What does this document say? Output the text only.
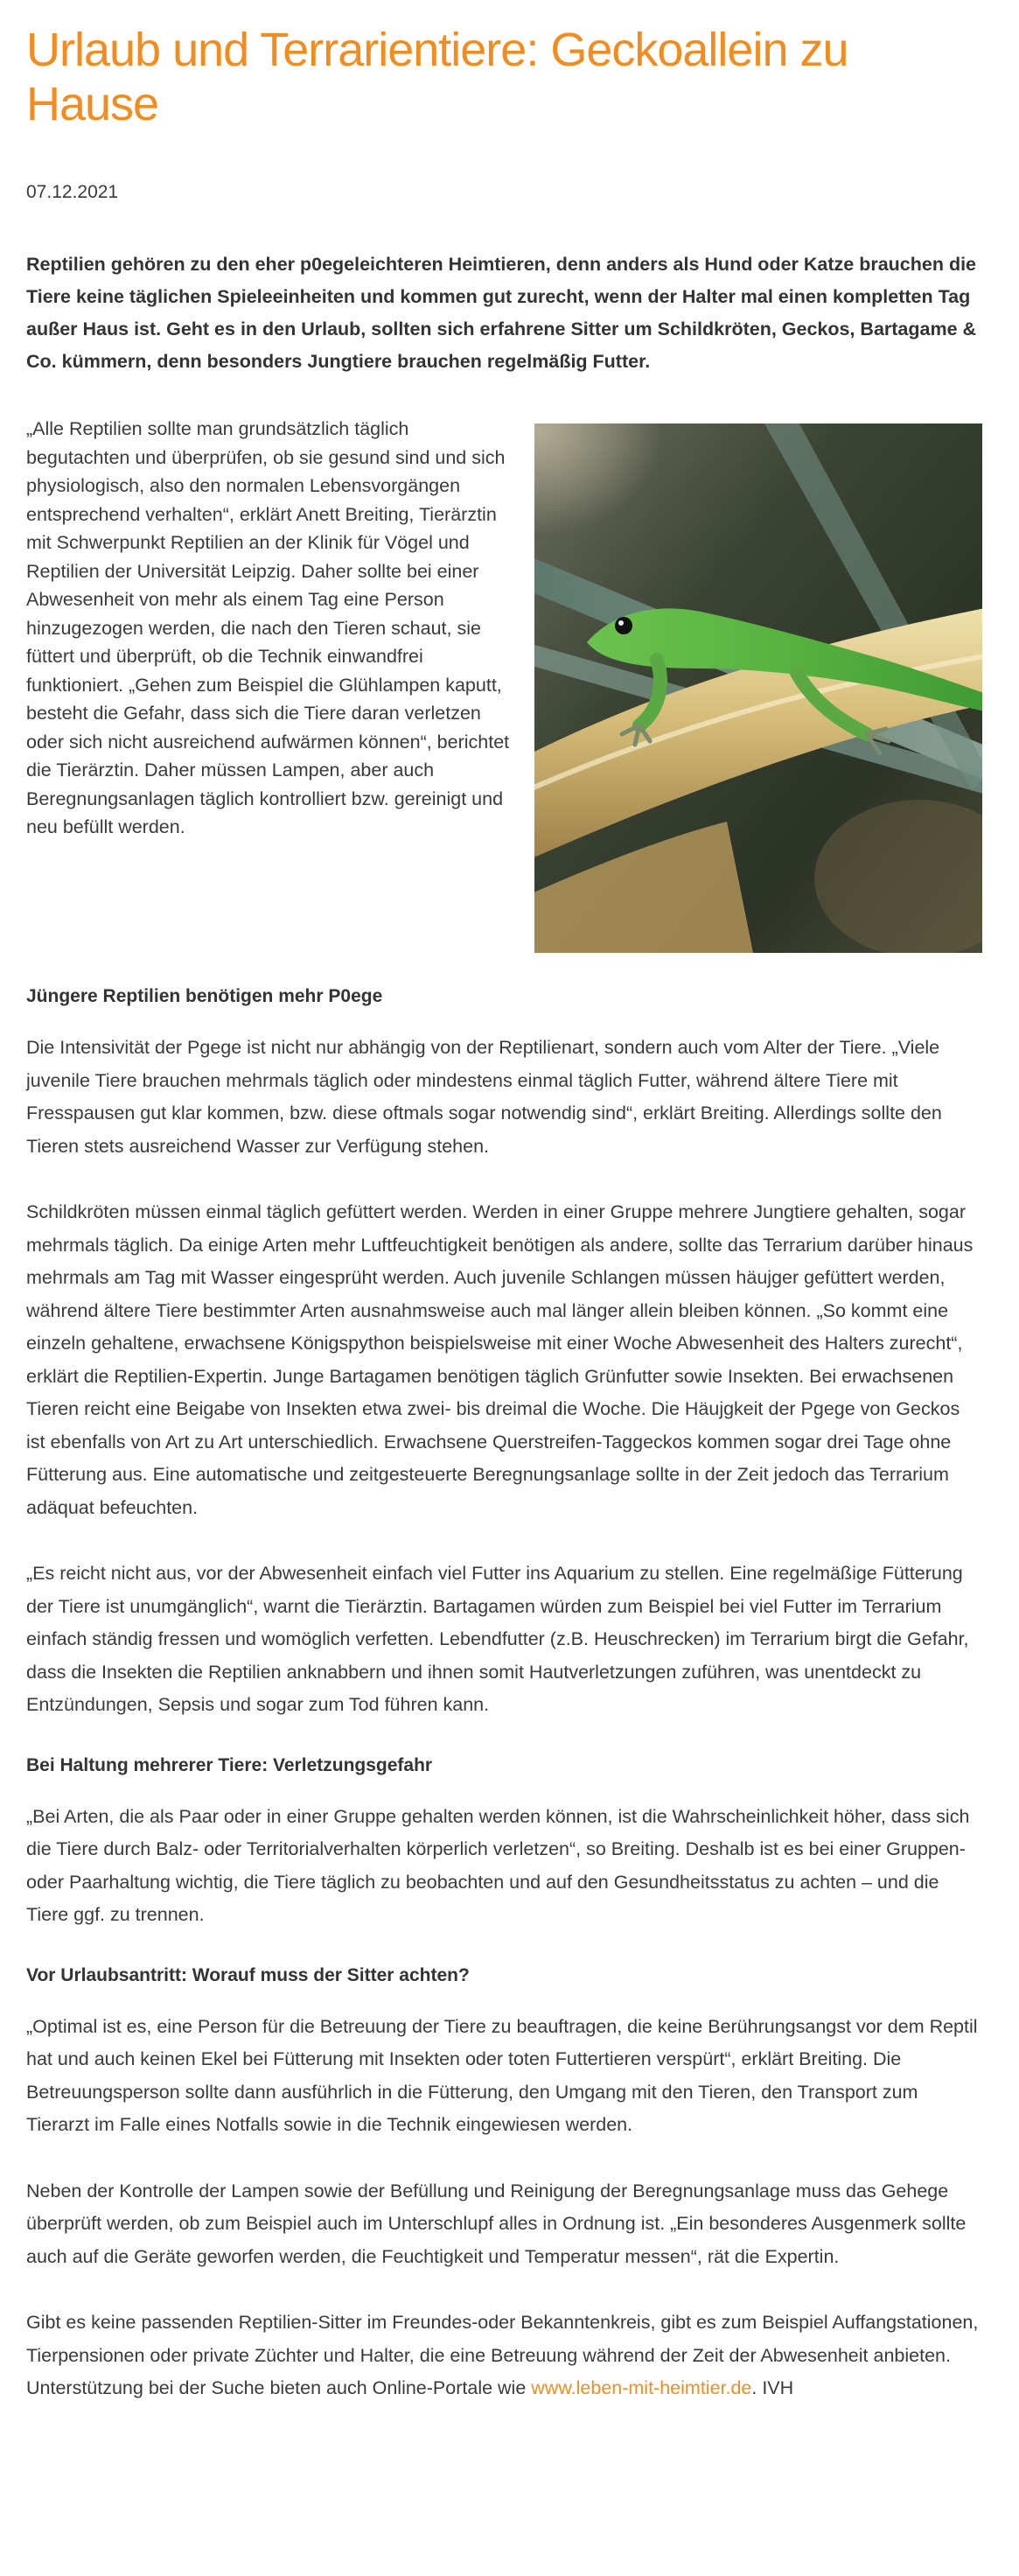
Urlaub und Terrarientiere: Geckoallein zu Hause
07.12.2021

Reptilien gehören zu den eher p0egeleichteren Heimtieren, denn anders als Hund oder Katze brauchen die Tiere keine täglichen Spieleeinheiten und kommen gut zurecht, wenn der Halter mal einen kompletten Tag außer Haus ist. Geht es in den Urlaub, sollten sich erfahrene Sitter um Schildkröten, Geckos, Bartagame & Co. kümmern, denn besonders Jungtiere brauchen regelmäßig Futter.

„Alle Reptilien sollte man grundsätzlich täglich begutachten und überprüfen, ob sie gesund sind und sich physiologisch, also den normalen Lebensvorgängen entsprechend verhalten“, erklärt Anett Breiting, Tierärztin mit Schwerpunkt Reptilien an der Klinik für Vögel und Reptilien der Universität Leipzig. Daher sollte bei einer Abwesenheit von mehr als einem Tag eine Person hinzugezogen werden, die nach den Tieren schaut, sie füttert und überprüft, ob die Technik einwandfrei funktioniert. „Gehen zum Beispiel die Glühlampen kaputt, besteht die Gefahr, dass sich die Tiere daran verletzen oder sich nicht ausreichend aufwärmen können“, berichtet die Tierärztin. Daher müssen Lampen, aber auch Beregnungsanlagen täglich kontrolliert bzw. gereinigt und neu befüllt werden.

Jüngere Reptilien benötigen mehr P0ege

Die Intensivität der Pgege ist nicht nur abhängig von der Reptilienart, sondern auch vom Alter der Tiere. „Viele juvenile Tiere brauchen mehrmals täglich oder mindestens einmal täglich Futter, während ältere Tiere mit Fresspausen gut klar kommen, bzw. diese oftmals sogar notwendig sind“, erklärt Breiting. Allerdings sollte den Tieren stets ausreichend Wasser zur Verfügung stehen.

Schildkröten müssen einmal täglich gefüttert werden. Werden in einer Gruppe mehrere Jungtiere gehalten, sogar mehrmals täglich. Da einige Arten mehr Luftfeuchtigkeit benötigen als andere, sollte das Terrarium darüber hinaus mehrmals am Tag mit Wasser eingesprüht werden. Auch juvenile Schlangen müssen häujger gefüttert werden, während ältere Tiere bestimmter Arten ausnahmsweise auch mal länger allein bleiben können. „So kommt eine einzeln gehaltene, erwachsene Königspython beispielsweise mit einer Woche Abwesenheit des Halters zurecht“, erklärt die Reptilien-Expertin. Junge Bartagamen benötigen täglich Grünfutter sowie Insekten. Bei erwachsenen Tieren reicht eine Beigabe von Insekten etwa zwei- bis dreimal die Woche. Die Häujgkeit der Pgege von Geckos ist ebenfalls von Art zu Art unterschiedlich. Erwachsene Querstreifen-Taggeckos kommen sogar drei Tage ohne Fütterung aus. Eine automatische und zeitgesteuerte Beregnungsanlage sollte in der Zeit jedoch das Terrarium adäquat befeuchten.

„Es reicht nicht aus, vor der Abwesenheit einfach viel Futter ins Aquarium zu stellen. Eine regelmäßige Fütterung der Tiere ist unumgänglich“, warnt die Tierärztin. Bartagamen würden zum Beispiel bei viel Futter im Terrarium einfach ständig fressen und womöglich verfetten. Lebendfutter (z.B. Heuschrecken) im Terrarium birgt die Gefahr, dass die Insekten die Reptilien anknabbern und ihnen somit Hautverletzungen zuführen, was unentdeckt zu Entzündungen, Sepsis und sogar zum Tod führen kann.

Bei Haltung mehrerer Tiere: Verletzungsgefahr

„Bei Arten, die als Paar oder in einer Gruppe gehalten werden können, ist die Wahrscheinlichkeit höher, dass sich die Tiere durch Balz- oder Territorialverhalten körperlich verletzen“, so Breiting. Deshalb ist es bei einer Gruppen-oder Paarhaltung wichtig, die Tiere täglich zu beobachten und auf den Gesundheitsstatus zu achten – und die Tiere ggf. zu trennen.

Vor Urlaubsantritt: Worauf muss der Sitter achten?

„Optimal ist es, eine Person für die Betreuung der Tiere zu beauftragen, die keine Berührungsangst vor dem Reptil hat und auch keinen Ekel bei Fütterung mit Insekten oder toten Futtertieren verspürt“, erklärt Breiting. Die Betreuungsperson sollte dann ausführlich in die Fütterung, den Umgang mit den Tieren, den Transport zum Tierarzt im Falle eines Notfalls sowie in die Technik eingewiesen werden.

Neben der Kontrolle der Lampen sowie der Befüllung und Reinigung der Beregnungsanlage muss das Gehege überprüft werden, ob zum Beispiel auch im Unterschlupf alles in Ordnung ist. „Ein besonderes Ausgenmerk sollte auch auf die Geräte geworfen werden, die Feuchtigkeit und Temperatur messen“, rät die Expertin.

Gibt es keine passenden Reptilien-Sitter im Freundes-oder Bekanntenkreis, gibt es zum Beispiel Auffangstationen, Tierpensionen oder private Züchter und Halter, die eine Betreuung während der Zeit der Abwesenheit anbieten. Unterstützung bei der Suche bieten auch Online-Portale wie www.leben-mit-heimtier.de. IVH
